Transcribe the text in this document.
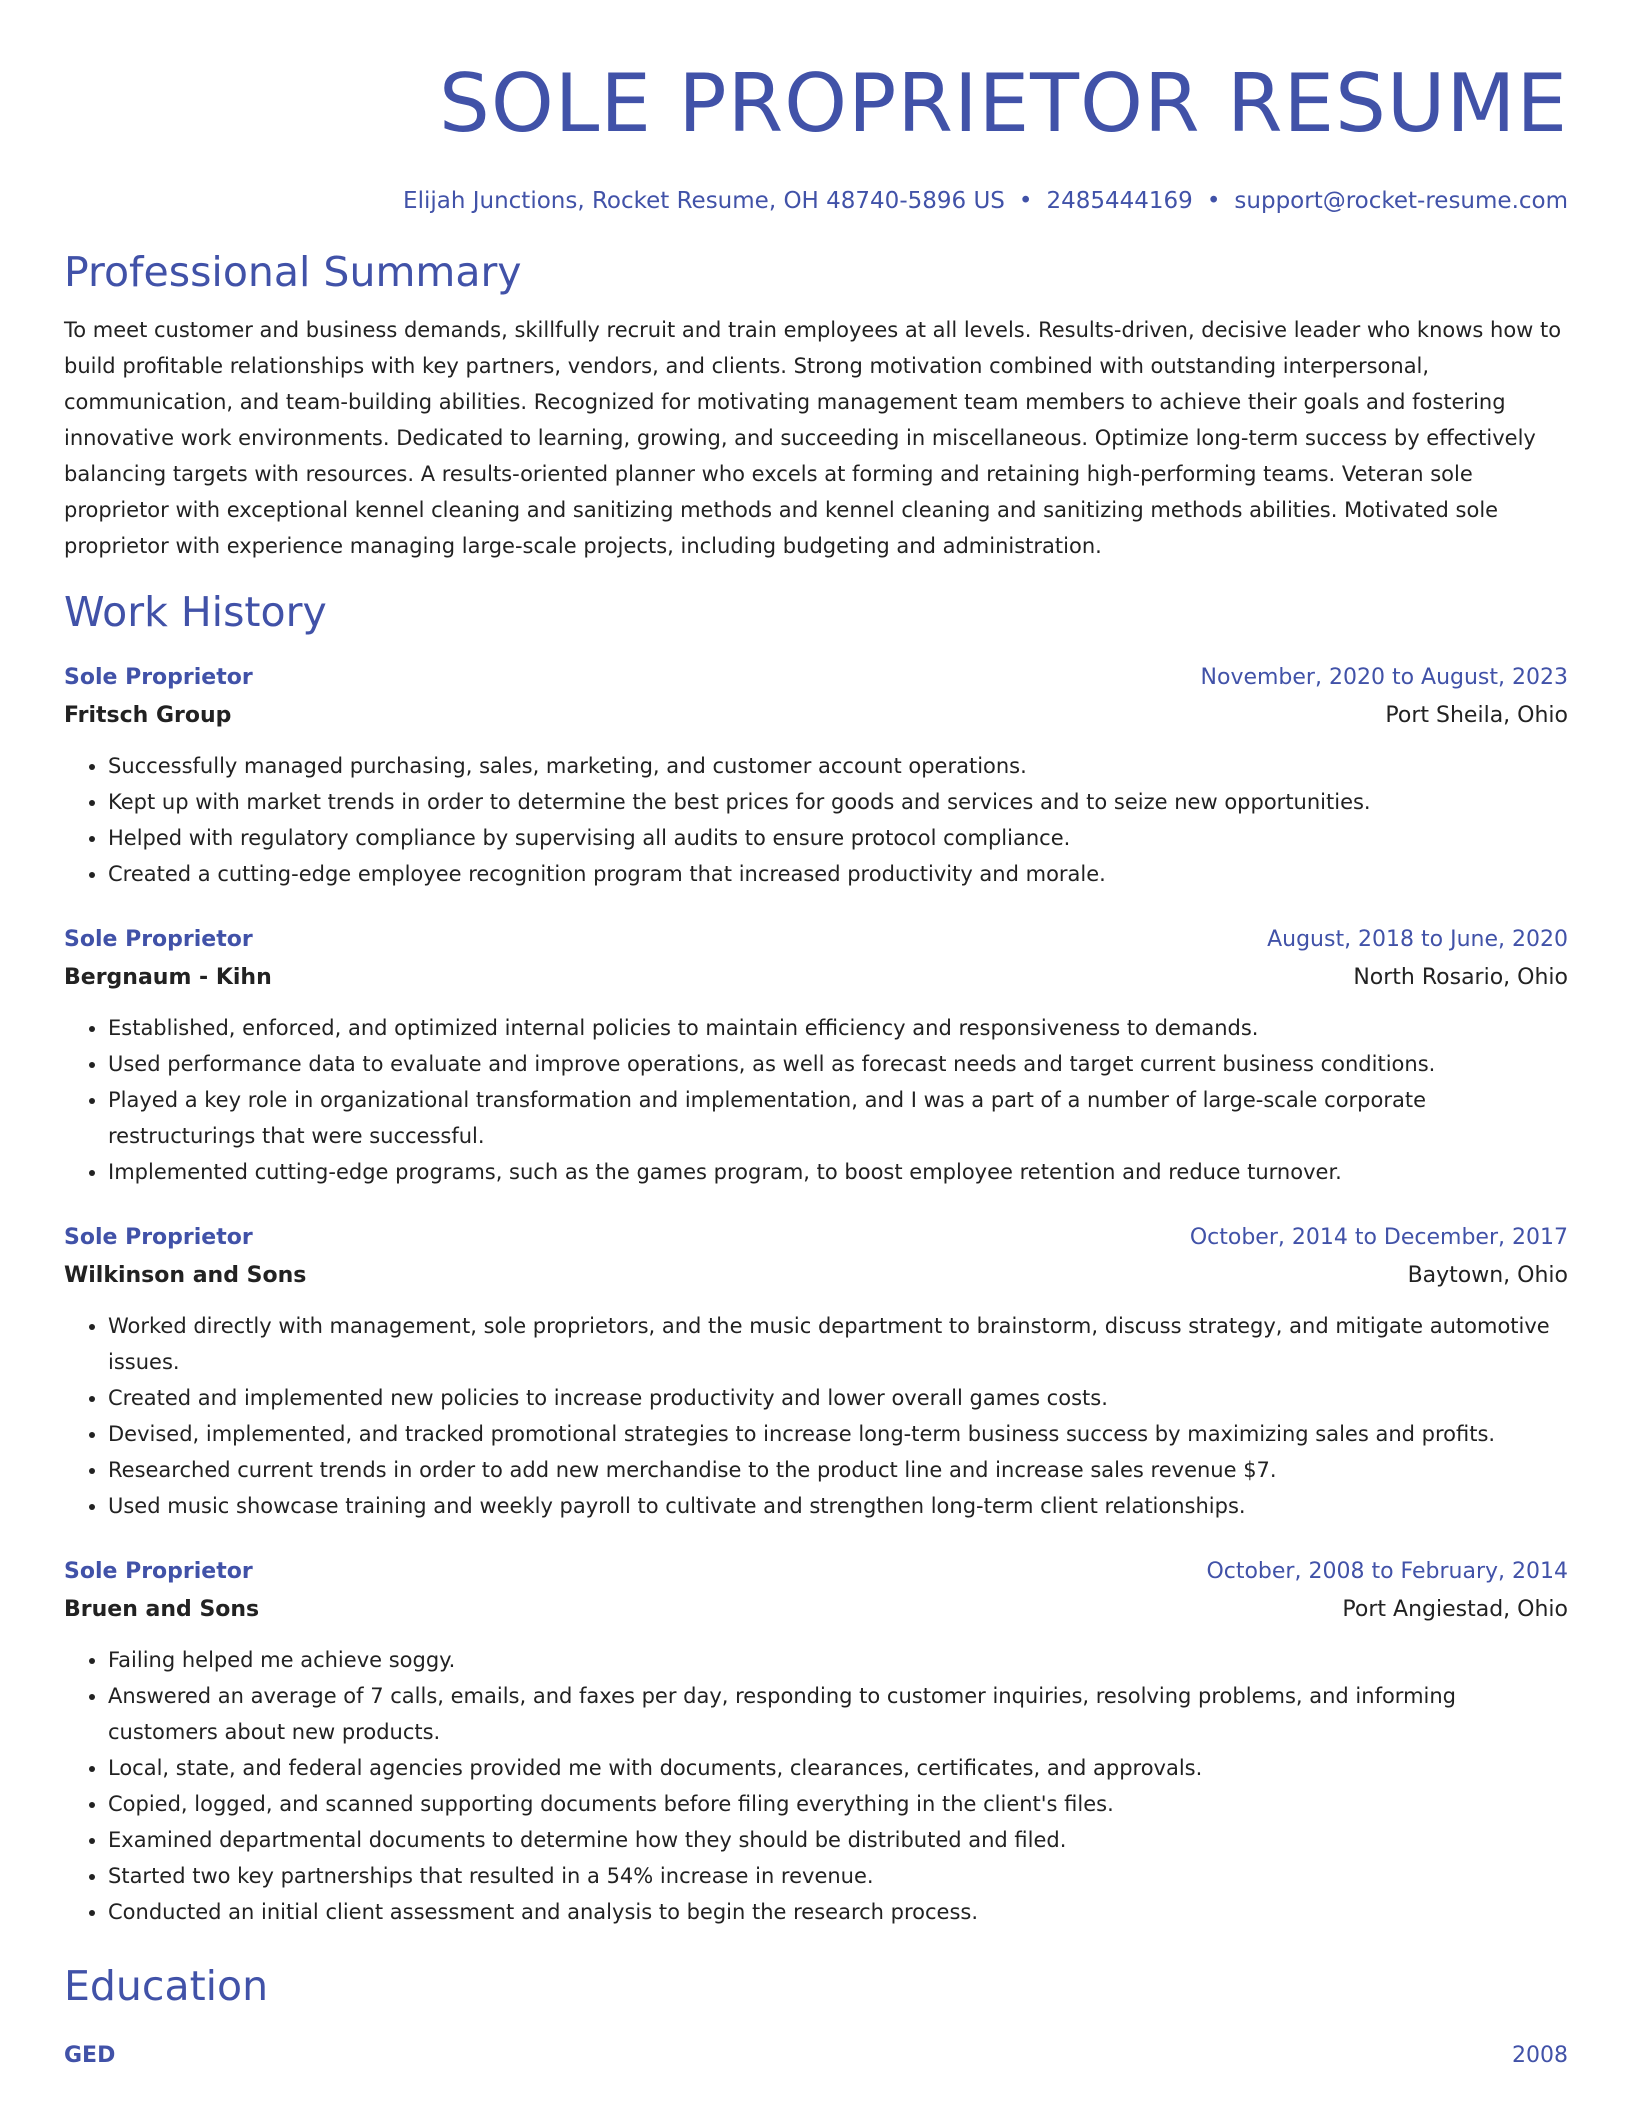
SOLE PROPRIETOR RESUME
Elijah Junctions, Rocket Resume, OH 48740-5896 US • 2485444169 • support@rocket-resume.com
Professional Summary
To meet customer and business demands, skillfully recruit and train employees at all levels. Results-driven, decisive leader who knows how to build profitable relationships with key partners, vendors, and clients. Strong motivation combined with outstanding interpersonal, communication, and team-building abilities. Recognized for motivating management team members to achieve their goals and fostering innovative work environments. Dedicated to learning, growing, and succeeding in miscellaneous. Optimize long-term success by effectively balancing targets with resources. A results-oriented planner who excels at forming and retaining high-performing teams. Veteran sole proprietor with exceptional kennel cleaning and sanitizing methods and kennel cleaning and sanitizing methods abilities. Motivated sole proprietor with experience managing large-scale projects, including budgeting and administration.
Work History
Sole Proprietor	November, 2020 to August, 2023
Fritsch Group	Port Sheila, Ohio
• Successfully managed purchasing, sales, marketing, and customer account operations.
• Kept up with market trends in order to determine the best prices for goods and services and to seize new opportunities.
• Helped with regulatory compliance by supervising all audits to ensure protocol compliance.
• Created a cutting-edge employee recognition program that increased productivity and morale.
Sole Proprietor	August, 2018 to June, 2020
Bergnaum - Kihn	North Rosario, Ohio
• Established, enforced, and optimized internal policies to maintain efficiency and responsiveness to demands.
• Used performance data to evaluate and improve operations, as well as forecast needs and target current business conditions.
• Played a key role in organizational transformation and implementation, and I was a part of a number of large-scale corporate restructurings that were successful.
• Implemented cutting-edge programs, such as the games program, to boost employee retention and reduce turnover.
Sole Proprietor	October, 2014 to December, 2017
Wilkinson and Sons	Baytown, Ohio
• Worked directly with management, sole proprietors, and the music department to brainstorm, discuss strategy, and mitigate automotive issues.
• Created and implemented new policies to increase productivity and lower overall games costs.
• Devised, implemented, and tracked promotional strategies to increase long-term business success by maximizing sales and profits.
• Researched current trends in order to add new merchandise to the product line and increase sales revenue $7.
• Used music showcase training and weekly payroll to cultivate and strengthen long-term client relationships.
Sole Proprietor	October, 2008 to February, 2014
Bruen and Sons	Port Angiestad, Ohio
• Failing helped me achieve soggy.
• Answered an average of 7 calls, emails, and faxes per day, responding to customer inquiries, resolving problems, and informing customers about new products.
• Local, state, and federal agencies provided me with documents, clearances, certificates, and approvals.
• Copied, logged, and scanned supporting documents before filing everything in the client's files.
• Examined departmental documents to determine how they should be distributed and filed.
• Started two key partnerships that resulted in a 54% increase in revenue.
• Conducted an initial client assessment and analysis to begin the research process.
Education
GED	2008
